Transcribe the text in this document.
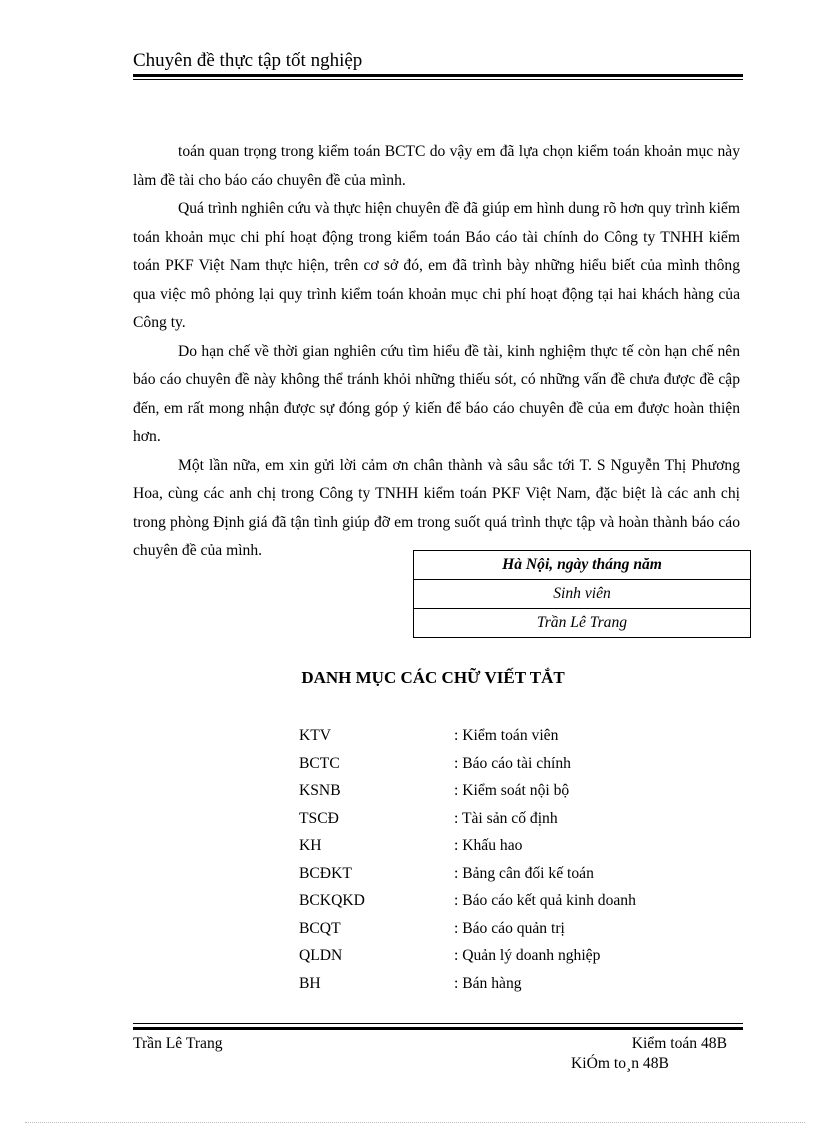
Chuyên đề thực tập tốt nghiệp

toán quan trọng trong kiểm toán BCTC do vậy em đã lựa chọn kiểm toán khoản mục này làm đề tài cho báo cáo chuyên đề của mình.

Quá trình nghiên cứu và thực hiện chuyên đề đã giúp em hình dung rõ hơn quy trình kiểm toán khoản mục chi phí hoạt động trong kiểm toán Báo cáo tài chính do Công ty TNHH kiểm toán PKF Việt Nam thực hiện, trên cơ sở đó, em đã trình bày những hiểu biết của mình thông qua việc mô phỏng lại quy trình kiểm toán khoản mục chi phí hoạt động tại hai khách hàng của Công ty.

Do hạn chế về thời gian nghiên cứu tìm hiểu đề tài, kinh nghiệm thực tế còn hạn chế nên báo cáo chuyên đề này không thể tránh khỏi những thiếu sót, có những vấn đề chưa được đề cập đến, em rất mong nhận được sự đóng góp ý kiến để báo cáo chuyên đề của em được hoàn thiện hơn.

Một lần nữa, em xin gửi lời cảm ơn chân thành và sâu sắc tới T. S Nguyễn Thị Phương Hoa, cùng các anh chị trong Công ty TNHH kiểm toán PKF Việt Nam, đặc biệt là các anh chị trong phòng Định giá đã tận tình giúp đỡ em trong suốt quá trình thực tập và hoàn thành báo cáo chuyên đề của mình.

Hà Nội, ngày tháng năm
Sinh viên
Trần Lê Trang
DANH MỤC CÁC CHỮ VIẾT TẮT
KTV	: Kiểm toán viên
BCTC	: Báo cáo tài chính
KSNB	: Kiểm soát nội bộ
TSCĐ	: Tài sản cố định
KH	: Khấu hao
BCĐKT	: Bảng cân đối kế toán
BCKQKD	: Báo cáo kết quả kinh doanh
BCQT	: Báo cáo quản trị
QLDN	: Quản lý doanh nghiệp
BH	: Bán hàng
Trần Lê Trang	Kiểm toán 48B
KiÓm to¸n 48B
